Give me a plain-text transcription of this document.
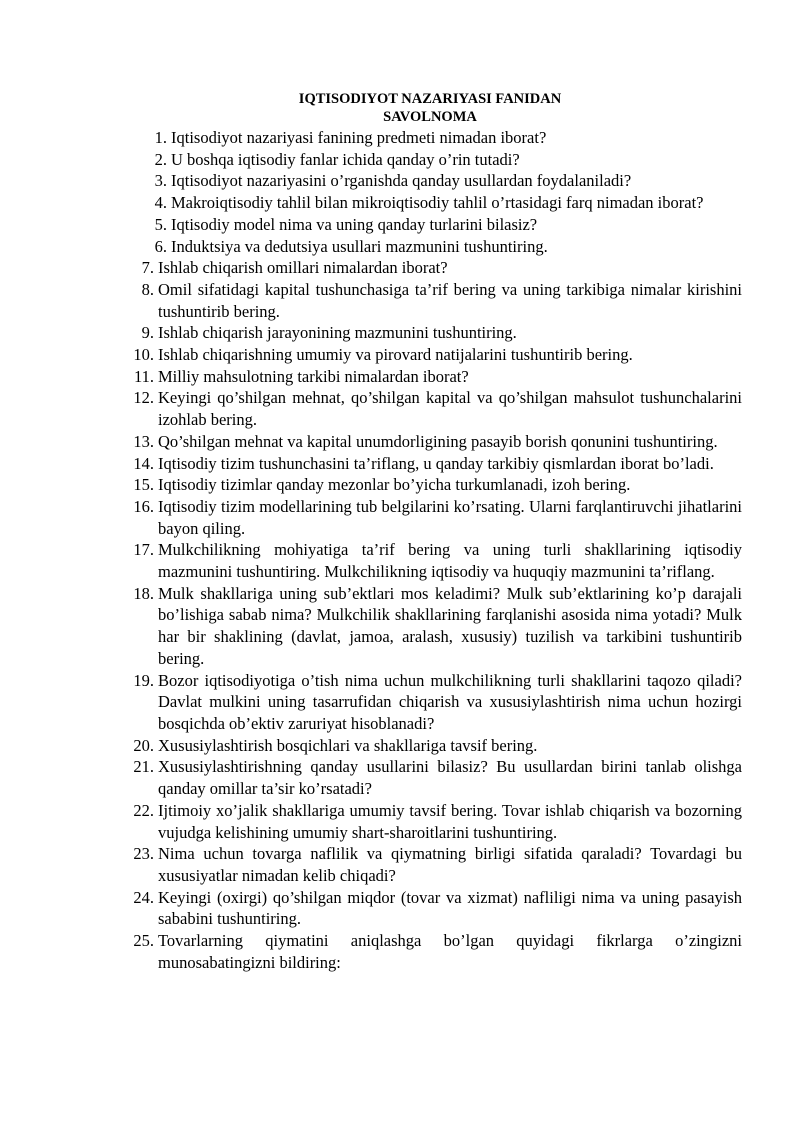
IQTISODIYOT NAZARIYASI FANIDAN
SAVOLNOMA
1. Iqtisodiyot nazariyasi fanining predmeti nimadan iborat?
2. U boshqa iqtisodiy fanlar ichida qanday o’rin tutadi?
3. Iqtisodiyot nazariyasini o’rganishda qanday usullardan foydalaniladi?
4. Makroiqtisodiy tahlil bilan mikroiqtisodiy tahlil o’rtasidagi farq nimadan iborat?
5. Iqtisodiy model nima va uning qanday turlarini bilasiz?
6. Induktsiya va dedutsiya usullari mazmunini tushuntiring.
7. Ishlab chiqarish omillari nimalardan iborat?
8. Omil sifatidagi kapital tushunchasiga ta’rif bering va uning tarkibiga nimalar kirishini tushuntirib bering.
9. Ishlab chiqarish jarayonining mazmunini tushuntiring.
10. Ishlab chiqarishning umumiy va pirovard natijalarini tushuntirib bering.
11. Milliy mahsulotning tarkibi nimalardan iborat?
12. Keyingi qo’shilgan mehnat, qo’shilgan kapital va qo’shilgan mahsulot tushunchalarini izohlab bering.
13. Qo’shilgan mehnat va kapital unumdorligining pasayib borish qonunini tushuntiring.
14. Iqtisodiy tizim tushunchasini ta’riflang, u qanday tarkibiy qismlardan iborat bo’ladi.
15. Iqtisodiy tizimlar qanday mezonlar bo’yicha turkumlanadi, izoh bering.
16. Iqtisodiy tizim modellarining tub belgilarini ko’rsating. Ularni farqlantiruvchi jihatlarini bayon qiling.
17. Mulkchilikning mohiyatiga ta’rif bering va uning turli shakllarining iqtisodiy mazmunini tushuntiring. Mulkchilikning iqtisodiy va huquqiy mazmunini ta’riflang.
18. Mulk shakllariga uning sub’ektlari mos keladimi? Mulk sub’ektlarining ko’p darajali bo’lishiga sabab nima? Mulkchilik shakllarining farqlanishi asosida nima yotadi? Mulk har bir shaklining (davlat, jamoa, aralash, xususiy) tuzilish va tarkibini tushuntirib bering.
19. Bozor iqtisodiyotiga o’tish nima uchun mulkchilikning turli shakllarini taqozo qiladi? Davlat mulkini uning tasarrufidan chiqarish va xususiylashtirish nima uchun hozirgi bosqichda ob’ektiv zaruriyat hisoblanadi?
20. Xususiylashtirish bosqichlari va shakllariga tavsif bering.
21. Xususiylashtirishning qanday usullarini bilasiz? Bu usullardan birini tanlab olishga qanday omillar ta’sir ko’rsatadi?
22. Ijtimoiy xo’jalik shakllariga umumiy tavsif bering. Tovar ishlab chiqarish va bozorning vujudga kelishining umumiy shart-sharoitlarini tushuntiring.
23. Nima uchun tovarga naflilik va qiymatning birligi sifatida qaraladi? Tovardagi bu xususiyatlar nimadan kelib chiqadi?
24. Keyingi (oxirgi) qo’shilgan miqdor (tovar va xizmat) nafliligi nima va uning pasayish sababini tushuntiring.
25. Tovarlarning qiymatini aniqlashga bo’lgan quyidagi fikrlarga o’zingizni munosabatingizni bildiring:
